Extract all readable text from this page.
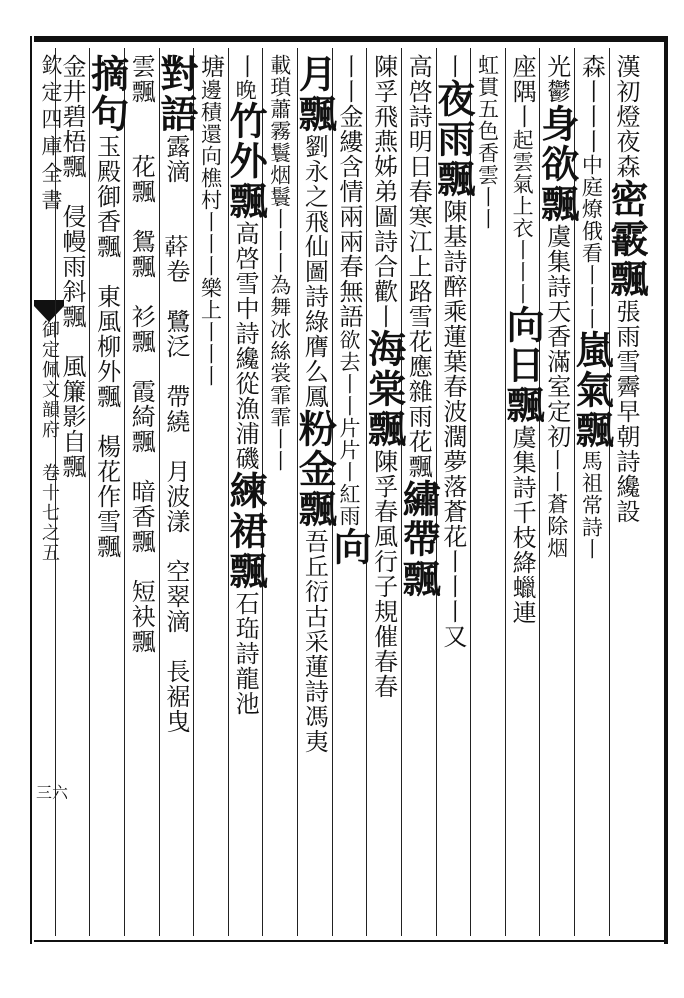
欽定四庫全書
御定佩文韻府 卷十七之五
三六
漢初燈夜森密霰飄張雨雪霽早朝詩纔設
森丨丨丨中庭燎俄看丨丨丨嵐氣飄馬祖常詩丨
光鬱身欲飄虞集詩天香滿室定初丨丨蒼除烟
座隅丨起雲氣上衣丨丨丨向日飄虞集詩千枝絳蠟連
虹貫五色香雲丨丨
丨夜雨飄陳基詩醉乘蓮葉春波濶夢落蒼花丨丨丨又
高啓詩明日春寒江上路雪花應雜雨花飄繡帶飄
陳孚飛燕姊弟圖詩合歡丨海棠飄陳孚春風行子規催春春
丨丨金縷含情兩兩春無語欲去丨丨片片丨紅雨向
月飄劉永之飛仙圖詩綠膺么鳳粉金飄吾丘衍古采蓮詩馮夷
載瑣蕭霧鬟烟鬟丨丨丨為舞冰絲裳霏霏丨丨
丨晚竹外飄高啓雪中詩纔從漁浦磯練裙飄石珤詩龍池
塘邊積還向樵村丨丨丨樂上丨丨丨
對語露滴　　𦼮卷　鷺泛　帶繞　月波漾　空翠滴　長裾曳
雲飄　　花飄　鴛飄　衫飄　霞綺飄　暗香飄　短袂飄
摘句玉殿御香飄　東風柳外飄　楊花作雪飄
金井碧梧飄　侵幔雨斜飄　風簾影自飄
